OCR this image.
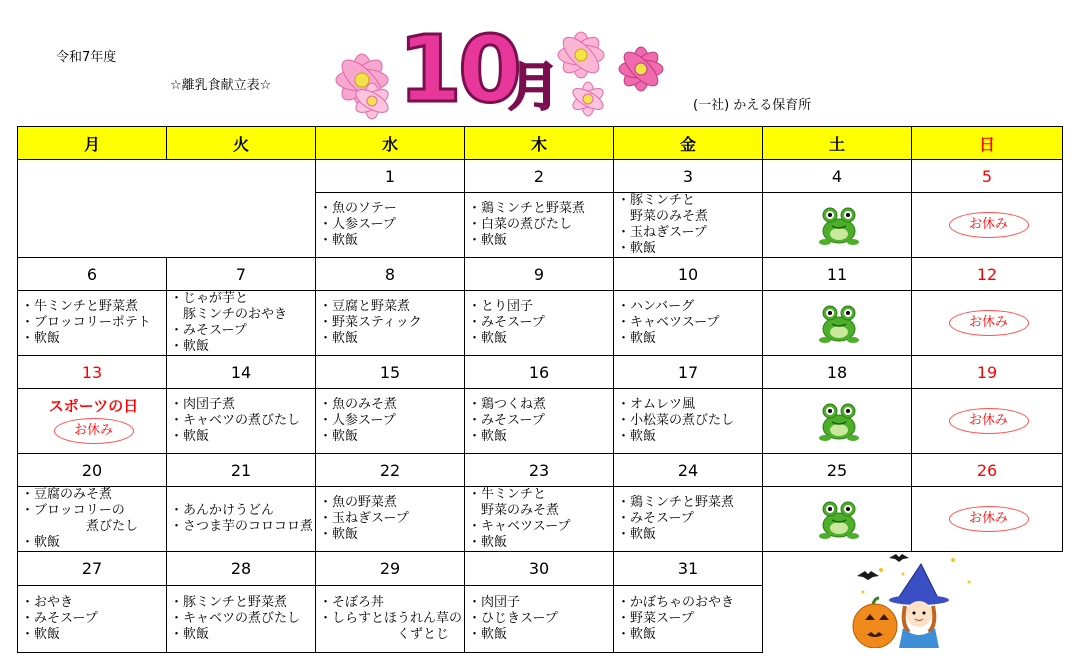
令和7年度
☆離乳食献立表☆
(一社) かえる保育所
10
月
月	火	水	木	金	土	日
		1	2	3	4	5

		・魚のソテー
・人参スープ
・軟飯	・鶏ミンチと野菜煮
・白菜の煮びたし
・軟飯	・豚ミンチと
　野菜のみそ煮
・玉ねぎスープ
・軟飯		お休み

6	7	8	9	10	11	12

・牛ミンチと野菜煮
・ブロッコリーポテト
・軟飯	・じゃが芋と
　豚ミンチのおやき
・みそスープ
・軟飯	・豆腐と野菜煮
・野菜スティック
・軟飯	・とり団子
・みそスープ
・軟飯	・ハンバーグ
・キャベツスープ
・軟飯		お休み

13	14	15	16	17	18	19

スポーツの日
お休み	・肉団子煮
・キャベツの煮びたし
・軟飯	・魚のみそ煮
・人参スープ
・軟飯	・鶏つくね煮
・みそスープ
・軟飯	・オムレツ風
・小松菜の煮びたし
・軟飯		お休み

20	21	22	23	24	25	26

・豆腐のみそ煮
・ブロッコリーの
　　　　　煮びたし
・軟飯	・あんかけうどん
・さつま芋のコロコロ煮	・魚の野菜煮
・玉ねぎスープ
・軟飯	・牛ミンチと
　野菜のみそ煮
・キャベツスープ
・軟飯	・鶏ミンチと野菜煮
・みそスープ
・軟飯		お休み

27	28	29	30	31	

・おやき
・みそスープ
・軟飯	・豚ミンチと野菜煮
・キャベツの煮びたし
・軟飯	・そぼろ丼
・しらすとほうれん草の
　　　　　　くずとじ	・肉団子
・ひじきスープ
・軟飯	・かぼちゃのおやき
・野菜スープ
・軟飯		
